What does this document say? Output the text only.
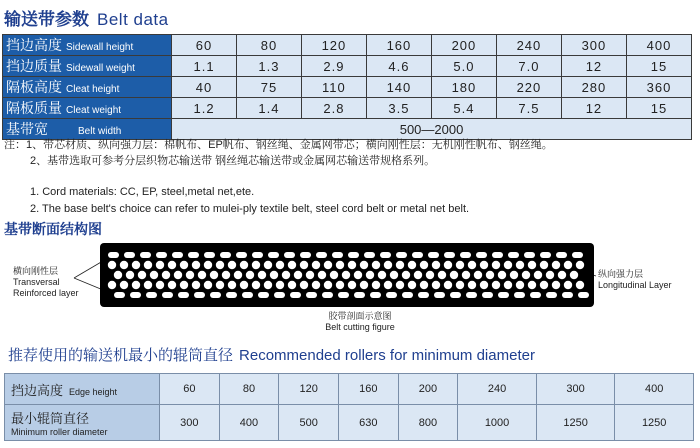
输送带参数 Belt data
挡边高度 Sidewall height	60	80	120	160	200	240	300	400
挡边质量 Sidewall weight	1.1	1.3	2.9	4.6	5.0	7.0	12	15
隔板高度 Cleat height	40	75	110	140	180	220	280	360
隔板质量 Cleat weight	1.2	1.4	2.8	3.5	5.4	7.5	12	15
基带宽 Belt width	500—2000							
注：1、带芯材质、纵向强力层：棉帆布、EP帆布、钢丝绳、金属网带芯；横向刚性层：无机刚性帆布、钢丝绳。
2、基带选取可参考分层织物芯输送带 钢丝绳芯输送带或金属网芯输送带规格系列。
1. Cord materials: CC, EP, steel,metal net,ete.
2. The base belt's choice can refer to mulei-ply textile belt, steel cord belt or metal net belt.
基带断面结构图
横向刚性层
Transversal
Reinforced layer
纵向强力层
Longitudinal Layer
胶带剖面示意图
Belt cutting figure
推荐使用的输送机最小的辊筒直径 Recommended rollers for minimum diameter
挡边高度 Edge height	60	80	120	160	200	240	300	400

最小辊筒直径
Minimum roller diameter	300	400	500	630	800	1000	1250	1250
